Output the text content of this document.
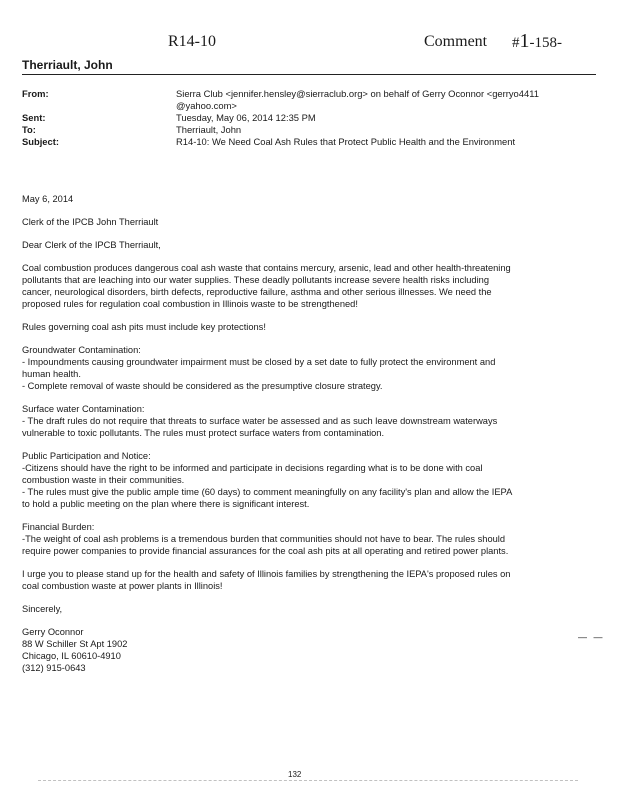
R14-10	Comment #1-158-
Therriault, John
From:	Sierra Club <jennifer.hensley@sierraclub.org> on behalf of Gerry Oconnor <gerryo4411
@yahoo.com>
Sent:	Tuesday, May 06, 2014 12:35 PM
To:	Therriault, John
Subject:	R14-10: We Need Coal Ash Rules that Protect Public Health and the Environment

May 6, 2014

Clerk of the IPCB John Therriault

Dear Clerk of the IPCB Therriault,

Coal combustion produces dangerous coal ash waste that contains mercury, arsenic, lead and other health-threatening
pollutants that are leaching into our water supplies. These deadly pollutants increase severe health risks including
cancer, neurological disorders, birth defects, reproductive failure, asthma and other serious illnesses. We need the
proposed rules for regulation coal combustion in Illinois waste to be strengthened!

Rules governing coal ash pits must include key protections!

Groundwater Contamination:
- Impoundments causing groundwater impairment must be closed by a set date to fully protect the environment and
human health.
- Complete removal of waste should be considered as the presumptive closure strategy.

Surface water Contamination:
- The draft rules do not require that threats to surface water be assessed and as such leave downstream waterways
vulnerable to toxic pollutants. The rules must protect surface waters from contamination.

Public Participation and Notice:
-Citizens should have the right to be informed and participate in decisions regarding what is to be done with coal
combustion waste in their communities.
- The rules must give the public ample time (60 days) to comment meaningfully on any facility's plan and allow the IEPA
to hold a public meeting on the plan where there is significant interest.

Financial Burden:
-The weight of coal ash problems is a tremendous burden that communities should not have to bear. The rules should
require power companies to provide financial assurances for the coal ash pits at all operating and retired power plants.

I urge you to please stand up for the health and safety of Illinois families by strengthening the IEPA's proposed rules on
coal combustion waste at power plants in Illinois!

Sincerely,

Gerry Oconnor
88 W Schiller St Apt 1902
Chicago, IL 60610-4910
(312) 915-0643

— —
132
